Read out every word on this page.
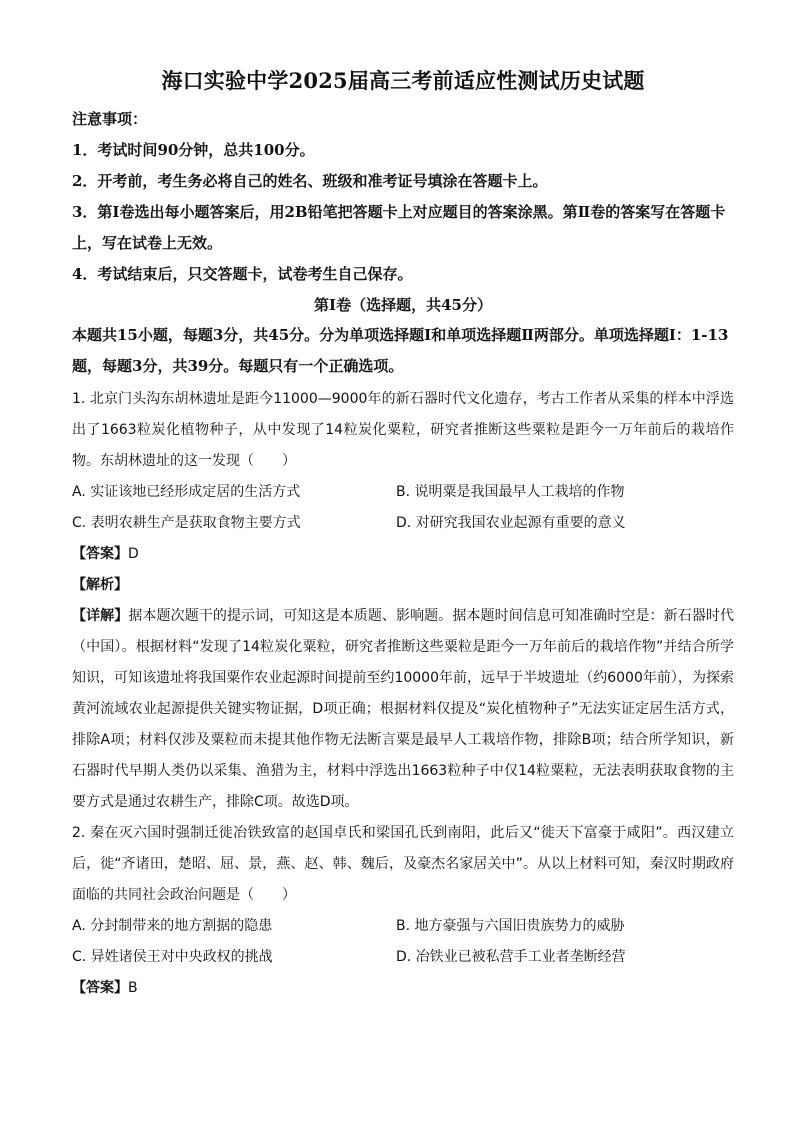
海口实验中学2025届高三考前适应性测试历史试题

注意事项：

1．考试时间90分钟，总共100分。

2．开考前，考生务必将自己的姓名、班级和准考证号填涂在答题卡上。

3．第Ⅰ卷选出每小题答案后，用2B铅笔把答题卡上对应题目的答案涂黑。第Ⅱ卷的答案写在答题卡上，写在试卷上无效。

4．考试结束后，只交答题卡，试卷考生自己保存。

第Ⅰ卷（选择题，共45分）

本题共15小题，每题3分，共45分。分为单项选择题Ⅰ和单项选择题Ⅱ两部分。单项选择题Ⅰ：1-13题，每题3分，共39分。每题只有一个正确选项。

1. 北京门头沟东胡林遗址是距今11000—9000年的新石器时代文化遗存，考古工作者从采集的样本中浮选出了1663粒炭化植物种子，从中发现了14粒炭化粟粒，研究者推断这些粟粒是距今一万年前后的栽培作物。东胡林遗址的这一发现（　　）

A. 实证该地已经形成定居的生活方式	B. 说明粟是我国最早人工栽培的作物

C. 表明农耕生产是获取食物主要方式	D. 对研究我国农业起源有重要的意义

【答案】D

【解析】

【详解】据本题次题干的提示词，可知这是本质题、影响题。据本题时间信息可知准确时空是：新石器时代（中国）。根据材料“发现了14粒炭化粟粒，研究者推断这些粟粒是距今一万年前后的栽培作物”并结合所学知识，可知该遗址将我国粟作农业起源时间提前至约10000年前，远早于半坡遗址（约6000年前），为探索黄河流域农业起源提供关键实物证据，D项正确；根据材料仅提及“炭化植物种子”无法实证定居生活方式，排除A项；材料仅涉及粟粒而未提其他作物无法断言粟是最早人工栽培作物，排除B项；结合所学知识，新石器时代早期人类仍以采集、渔猎为主，材料中浮选出1663粒种子中仅14粒粟粒，无法表明获取食物的主要方式是通过农耕生产，排除C项。故选D项。

2. 秦在灭六国时强制迁徙冶铁致富的赵国卓氏和梁国孔氏到南阳，此后又“徙天下富豪于咸阳”。西汉建立后，徙“齐诸田，楚昭、屈、景，燕、赵、韩、魏后，及豪杰名家居关中”。从以上材料可知，秦汉时期政府面临的共同社会政治问题是（　　）

A. 分封制带来的地方割据的隐患	B. 地方豪强与六国旧贵族势力的威胁

C. 异姓诸侯王对中央政权的挑战	D. 冶铁业已被私营手工业者垄断经营

【答案】B
